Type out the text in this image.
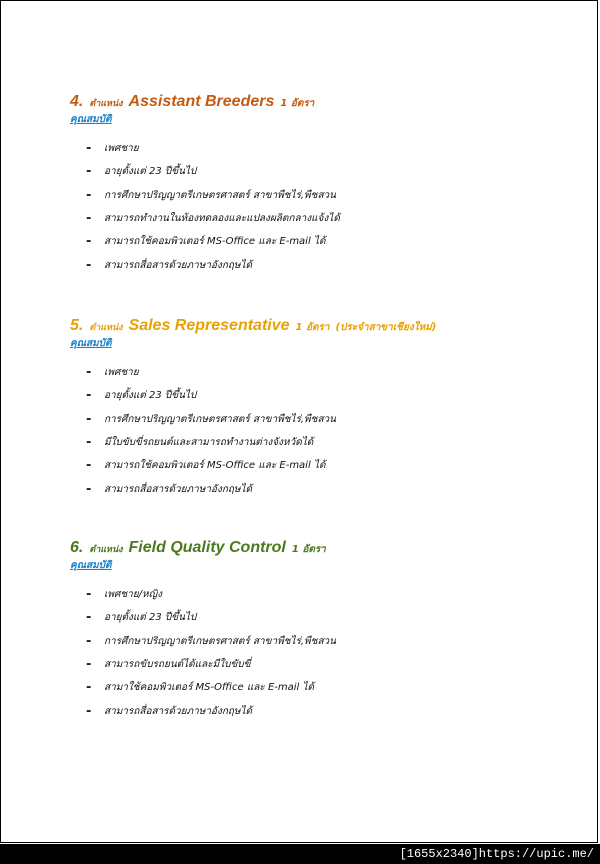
4. ตำแหน่ง Assistant Breeders 1 อัตรา
คุณสมบัติ
-	เพศชาย
-	อายุตั้งแต่ 23 ปีขึ้นไป
-	การศึกษาปริญญาตรีเกษตรศาสตร์ สาขาพืชไร่,พืชสวน
-	สามารถทำงานในห้องทดลองและแปลงผลิตกลางแจ้งได้
-	สามารถใช้คอมพิวเตอร์ MS-Office และ E-mail ได้
-	สามารถสื่อสารด้วยภาษาอังกฤษได้
5. ตำแหน่ง Sales Representative 1 อัตรา (ประจำสาขาเชียงใหม่)
คุณสมบัติ
-	เพศชาย
-	อายุตั้งแต่ 23 ปีขึ้นไป
-	การศึกษาปริญญาตรีเกษตรศาสตร์ สาขาพืชไร่,พืชสวน
-	มีใบขับขี่รถยนต์และสามารถทำงานต่างจังหวัดได้
-	สามารถใช้คอมพิวเตอร์ MS-Office และ E-mail ได้
-	สามารถสื่อสารด้วยภาษาอังกฤษได้
6. ตำแหน่ง Field Quality Control 1 อัตรา
คุณสมบัติ
-	เพศชาย/หญิง
-	อายุตั้งแต่ 23 ปีขึ้นไป
-	การศึกษาปริญญาตรีเกษตรศาสตร์ สาขาพืชไร่,พืชสวน
-	สามารถขับรถยนต์ได้และมีใบขับขี่
-	สามาใช้คอมพิวเตอร์ MS-Office และ E-mail ได้
-	สามารถสื่อสารด้วยภาษาอังกฤษได้
[1655x2340]https://upic.me/
